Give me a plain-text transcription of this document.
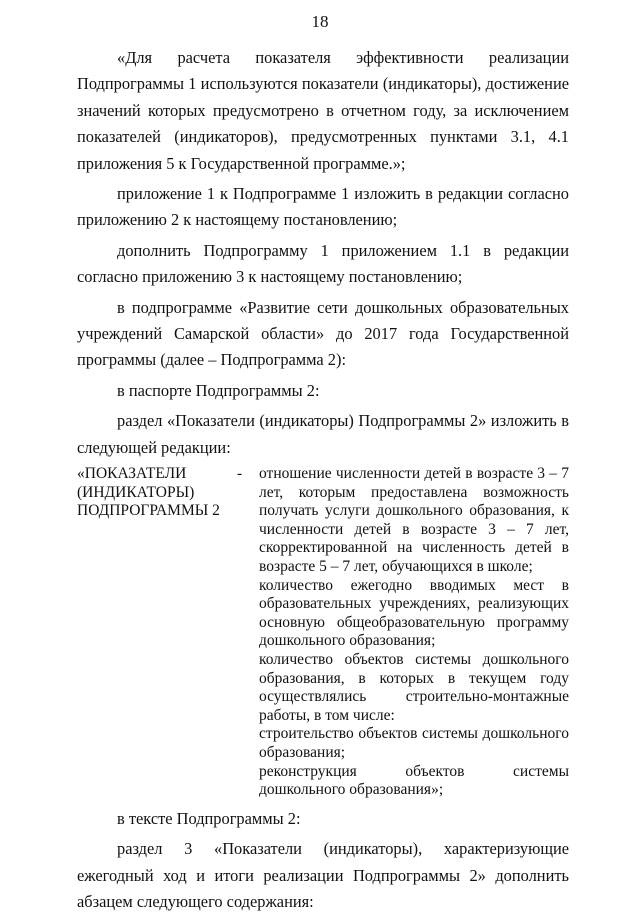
18

«Для расчета показателя эффективности реализации Подпрограммы 1 используются показатели (индикаторы), достижение значений которых предусмотрено в отчетном году, за исключением показателей (индикаторов), предусмотренных пунктами 3.1, 4.1 приложения 5 к Государственной программе.»;

приложение 1 к Подпрограмме 1 изложить в редакции согласно приложению 2 к настоящему постановлению;

дополнить Подпрограмму 1 приложением 1.1 в редакции согласно приложению 3 к настоящему постановлению;

в подпрограмме «Развитие сети дошкольных образовательных учреждений Самарской области» до 2017 года Государственной программы (далее – Подпрограмма 2):

в паспорте Подпрограммы 2:

раздел «Показатели (индикаторы) Подпрограммы 2» изложить в следующей редакции:

«ПОКАЗАТЕЛИ (ИНДИКАТОРЫ) ПОДПРОГРАММЫ 2
-	отношение численности детей в возрасте 3 – 7 лет, которым предоставлена возможность получать услуги дошкольного образования, к численности детей в возрасте 3 – 7 лет, скорректированной на численность детей в возрасте 5 – 7 лет, обучающихся в школе;

количество ежегодно вводимых мест в образовательных учреждениях, реализующих основную общеобразовательную программу дошкольного образования;

количество объектов системы дошкольного образования, в которых в текущем году осуществлялись строительно-монтажные работы, в том числе:

строительство объектов системы дошкольного образования;

реконструкция объектов системы дошкольного образования»;

в тексте Подпрограммы 2:

раздел 3 «Показатели (индикаторы), характеризующие ежегодный ход и итоги реализации Подпрограммы 2» дополнить абзацем следующего содержания:
